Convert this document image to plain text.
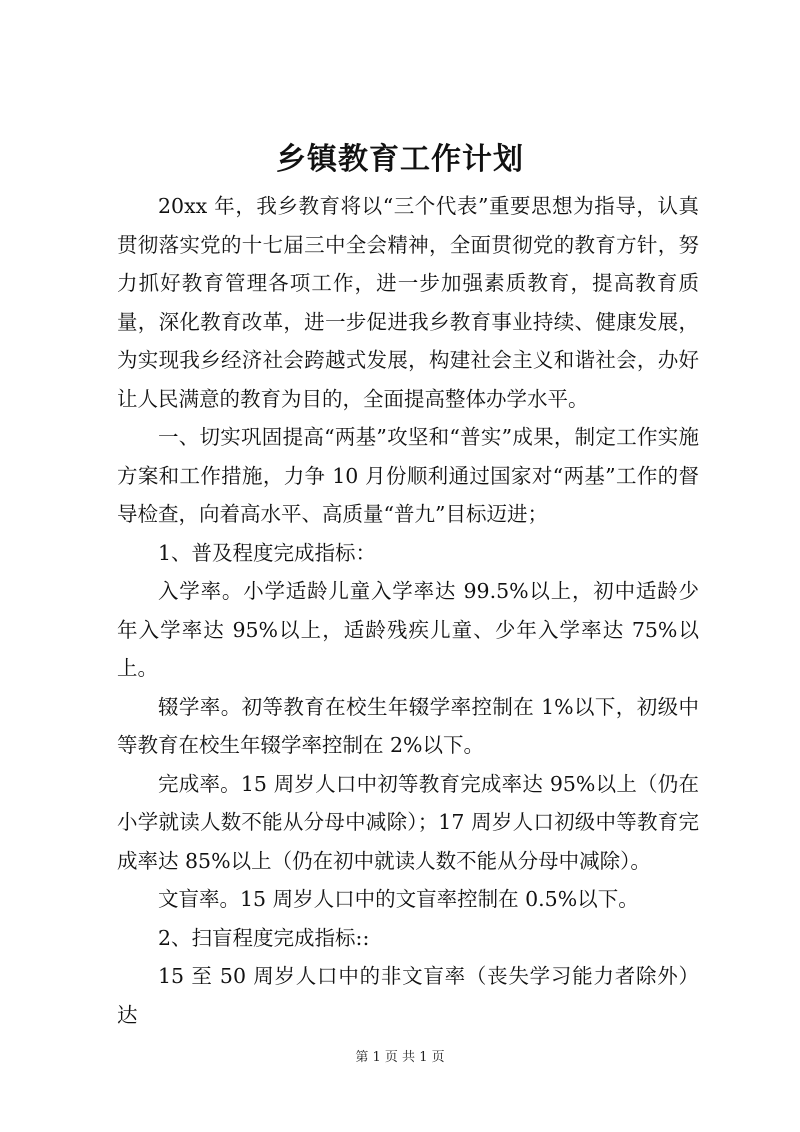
乡镇教育工作计划

20xx 年，我乡教育将以“三个代表”重要思想为指导，认真贯彻落实党的十七届三中全会精神，全面贯彻党的教育方针，努力抓好教育管理各项工作，进一步加强素质教育，提高教育质量，深化教育改革，进一步促进我乡教育事业持续、健康发展，为实现我乡经济社会跨越式发展，构建社会主义和谐社会，办好让人民满意的教育为目的，全面提高整体办学水平。

一、切实巩固提高“两基”攻坚和“普实”成果，制定工作实施方案和工作措施，力争 10 月份顺利通过国家对“两基”工作的督导检查，向着高水平、高质量“普九”目标迈进；

1、普及程度完成指标：

入学率。小学适龄儿童入学率达 99.5%以上，初中适龄少年入学率达 95%以上，适龄残疾儿童、少年入学率达 75%以上。

辍学率。初等教育在校生年辍学率控制在 1%以下，初级中等教育在校生年辍学率控制在 2%以下。

完成率。15 周岁人口中初等教育完成率达 95%以上（仍在小学就读人数不能从分母中减除）；17 周岁人口初级中等教育完成率达 85%以上（仍在初中就读人数不能从分母中减除）。

文盲率。15 周岁人口中的文盲率控制在 0.5%以下。

2、扫盲程度完成指标::

15 至 50 周岁人口中的非文盲率（丧失学习能力者除外）达

第 1 页 共 1 页
